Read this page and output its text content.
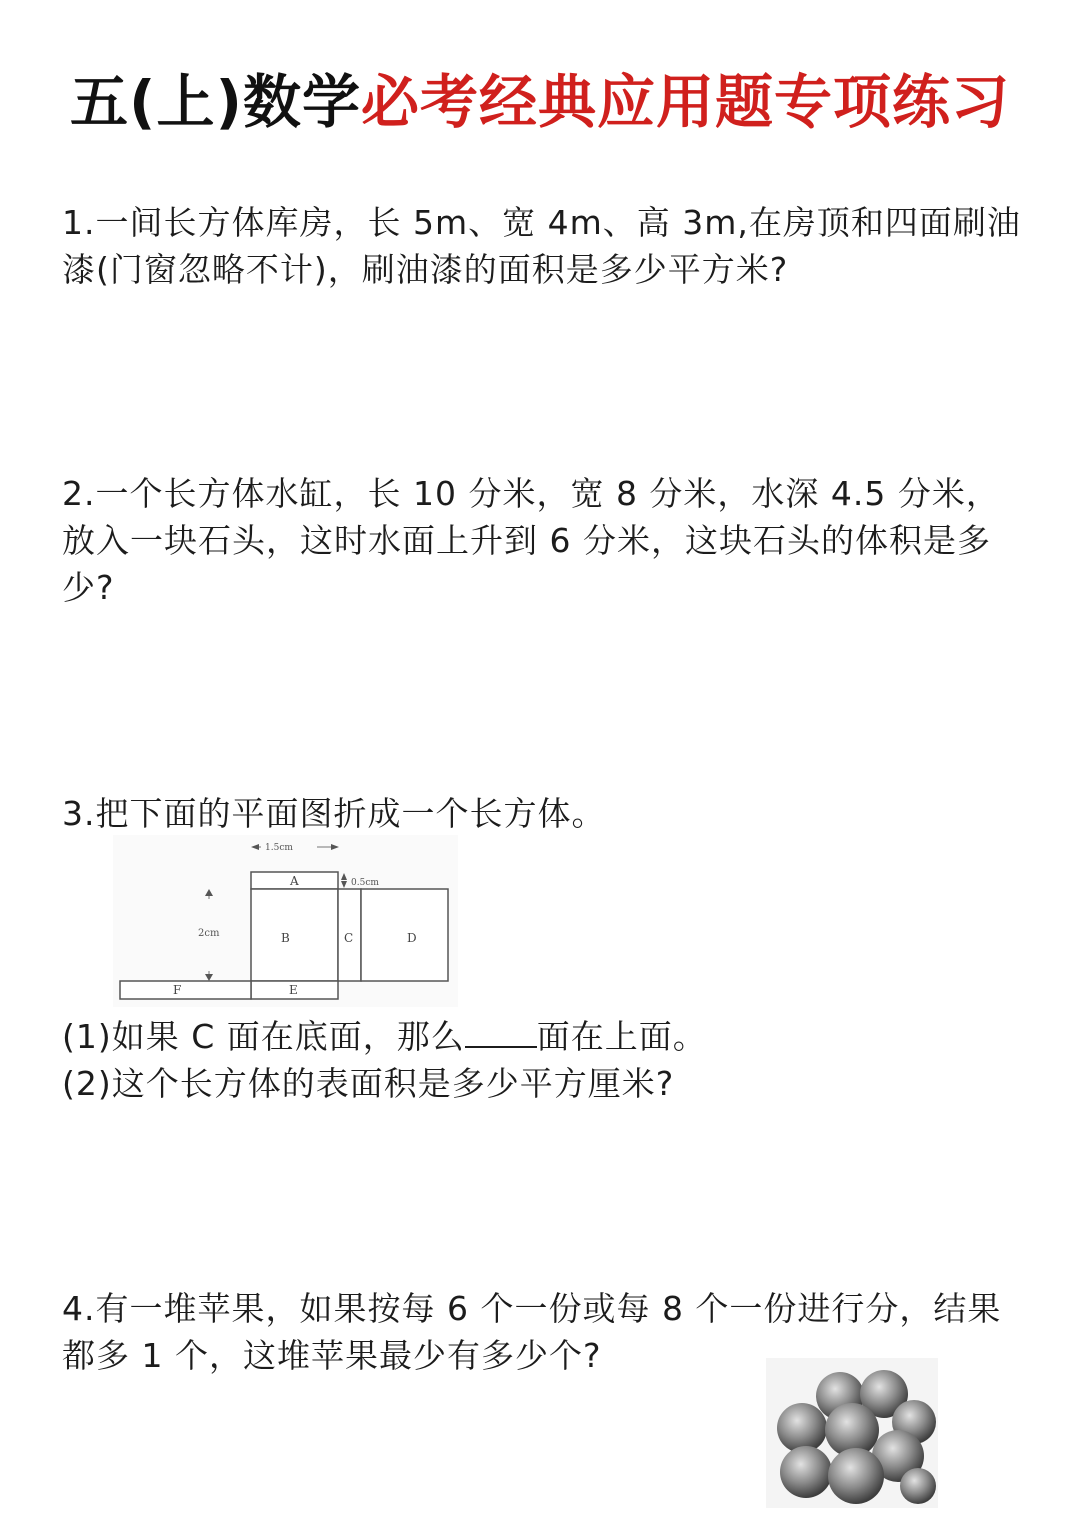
五(上)数学必考经典应用题专项练习
1.一间长方体库房，长 5m、宽 4m、高 3m,在房顶和四面刷油漆(门窗忽略不计)，刷油漆的面积是多少平方米?
2.一个长方体水缸，长 10 分米，宽 8 分米，水深 4.5 分米，放入一块石头，这时水面上升到 6 分米，这块石头的体积是多少?
3.把下面的平面图折成一个长方体。
A
B	C	D
E
F
1.5cm
0.5cm
2cm
(1)如果 C 面在底面，那么 面在上面。
(2)这个长方体的表面积是多少平方厘米?
4.有一堆苹果，如果按每 6 个一份或每 8 个一份进行分，结果都多 1 个，这堆苹果最少有多少个?
